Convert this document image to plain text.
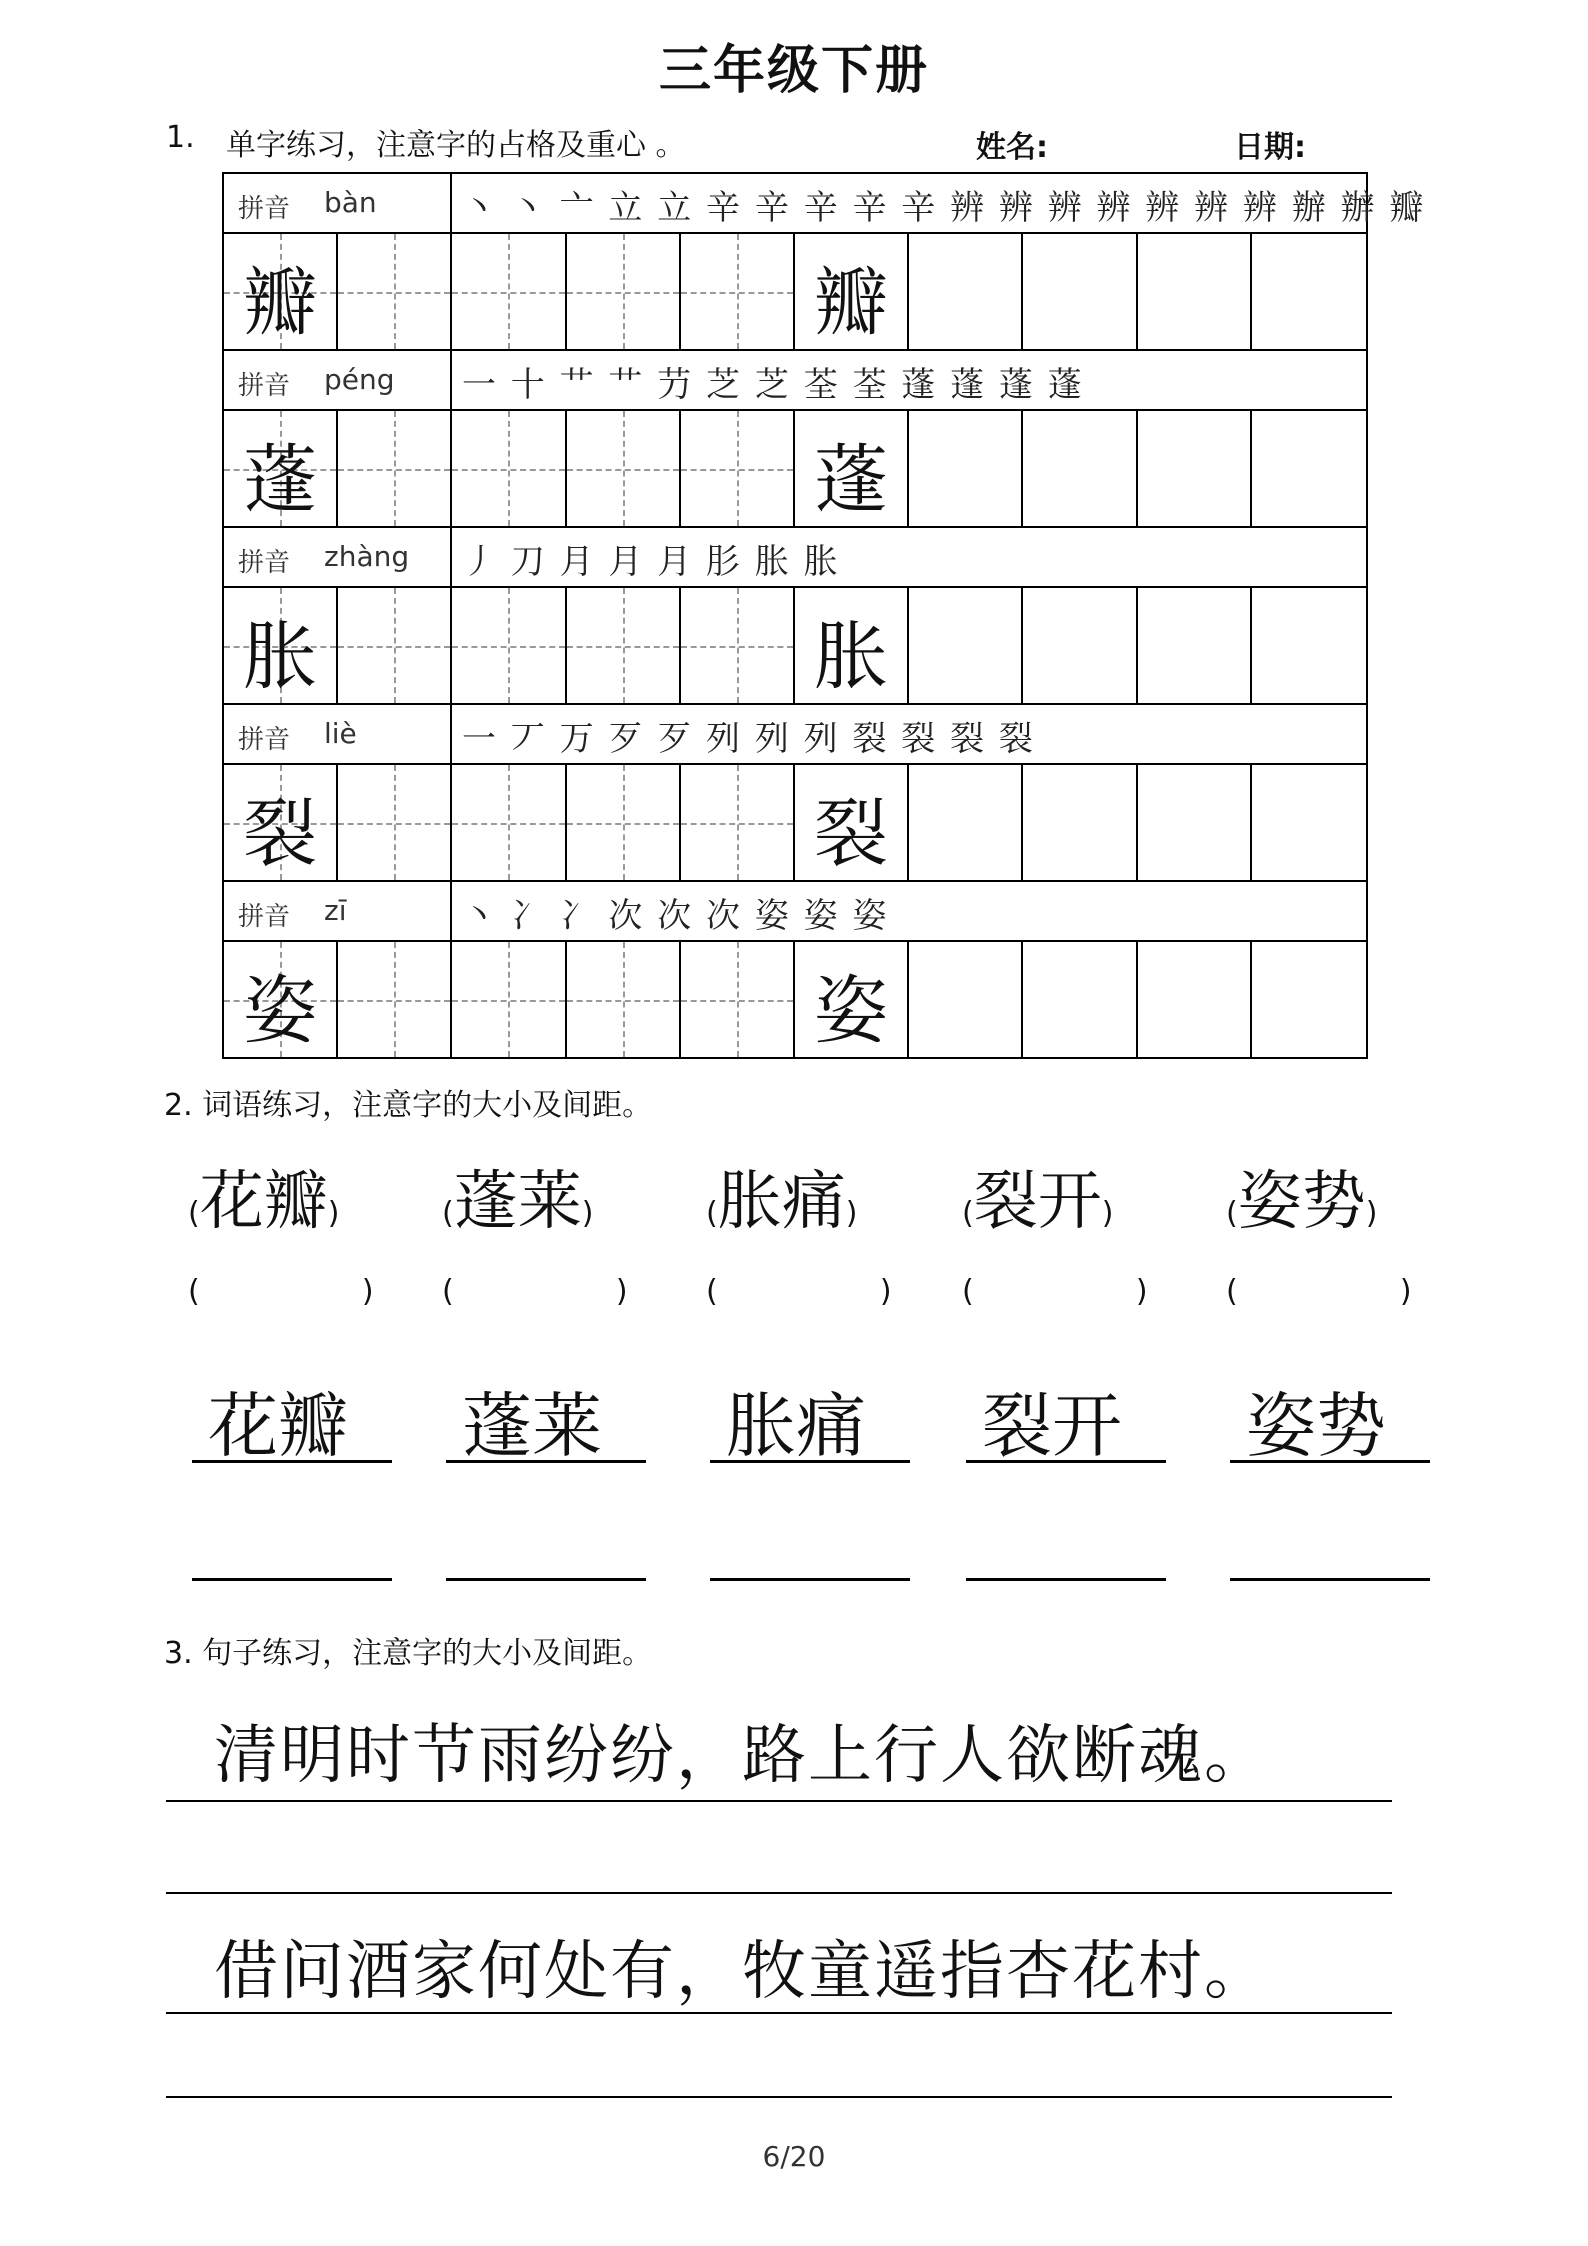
三年级下册
1. 单字练习，注意字的占格及重心 。	姓名:	日期:
拼音 bàn	丶 丶 亠 立 立 辛 辛 辛 辛 辛 辨 辨 辨 辨 辨 辨 辨 辦 辦 瓣
瓣	瓣
拼音 péng	一 十 艹 艹 芀 芝 芝 荃 荃 蓬 蓬 蓬 蓬
蓬	蓬
拼音 zhàng	丿 刀 月 月 月 肜 胀 胀
胀	胀
拼音 liè	一 丆 万 歹 歹 列 列 列 裂 裂 裂 裂
裂	裂
拼音 zī	丶 冫 冫 次 次 次 姿 姿 姿
姿	姿
2. 词语练习，注意字的大小及间距。
(花瓣)
(                 )
花瓣
(蓬莱)
(                 )
蓬莱
(胀痛)
(                 )
胀痛
(裂开)
(                 )
裂开
(姿势)
(                 )
姿势
3. 句子练习，注意字的大小及间距。
清明时节雨纷纷，路上行人欲断魂。
借问酒家何处有，牧童遥指杏花村。
6/20
